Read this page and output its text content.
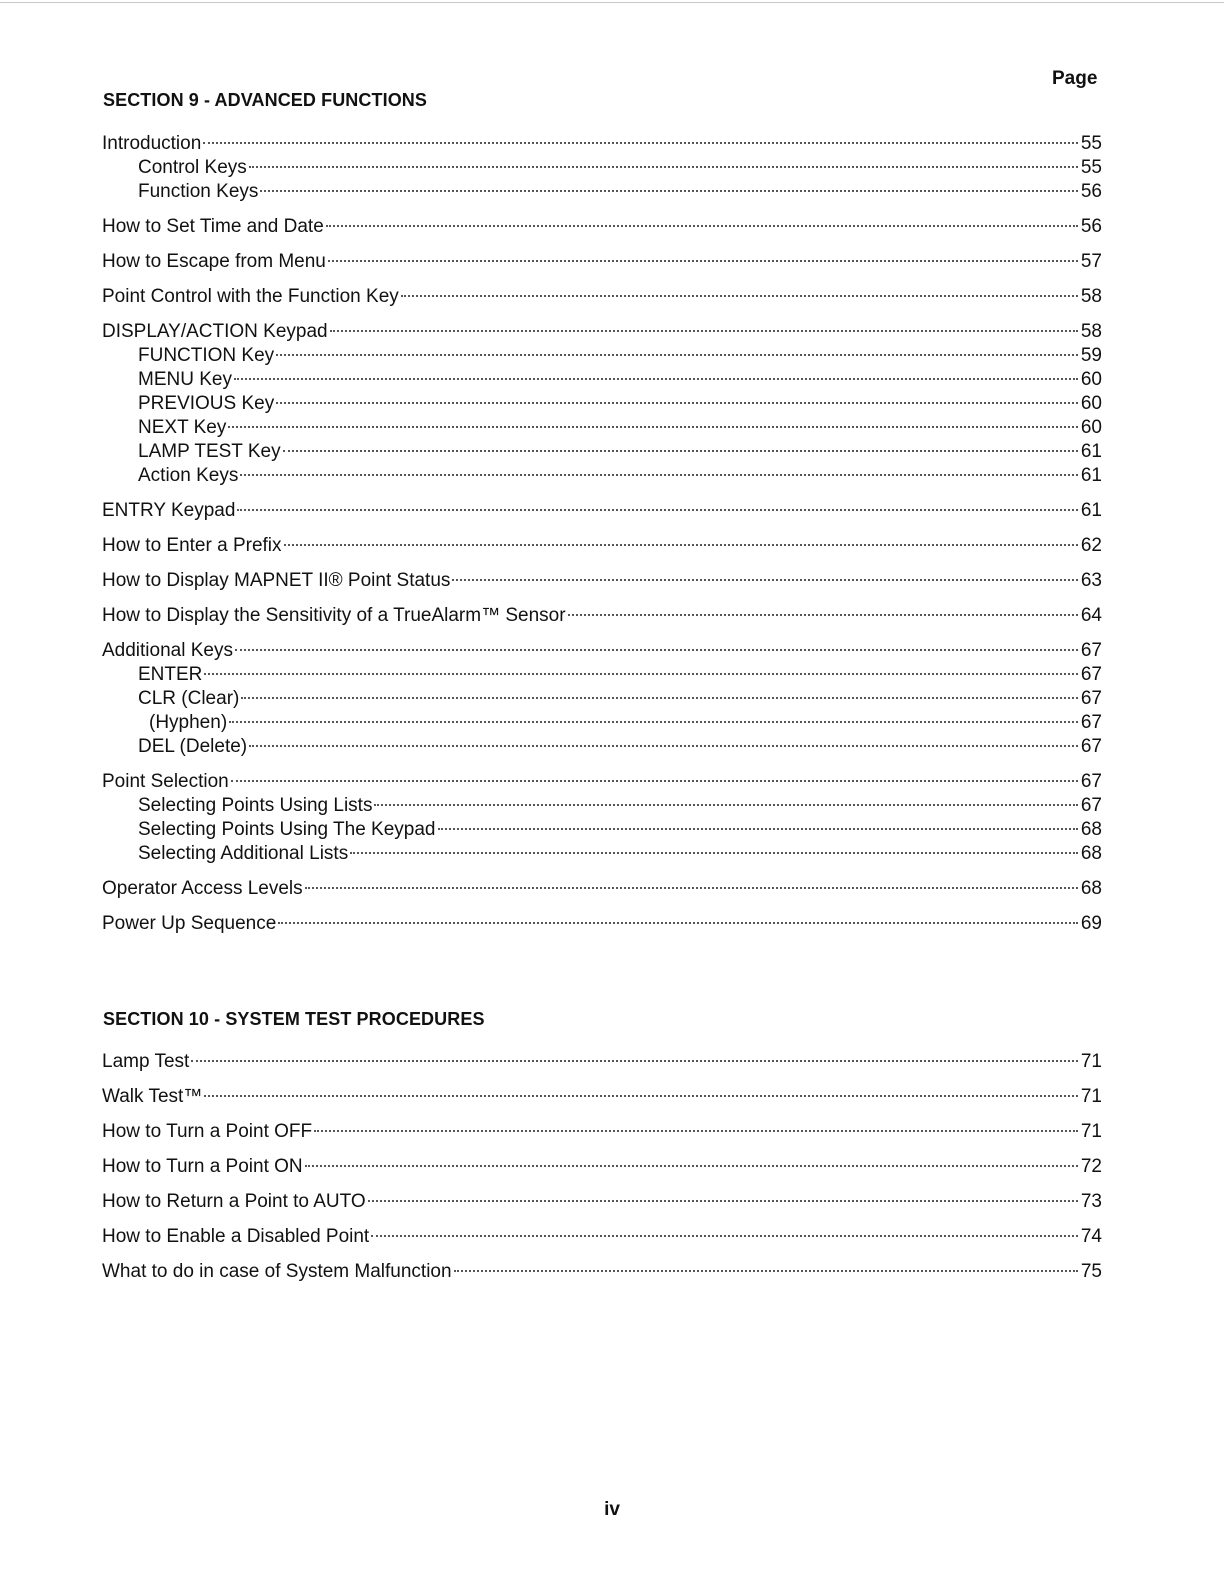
Page
SECTION 9 - ADVANCED FUNCTIONS
Introduction	55
Control Keys	55
Function Keys	56
How to Set Time and Date	56
How to Escape from Menu	57
Point Control with the Function Key	58
DISPLAY/ACTION Keypad	58
FUNCTION Key	59
MENU Key	60
PREVIOUS Key	60
NEXT Key	60
LAMP TEST Key	61
Action Keys	61
ENTRY Keypad	61
How to Enter a Prefix	62
How to Display MAPNET II® Point Status	63
How to Display the Sensitivity of a TrueAlarm™ Sensor	64
Additional Keys	67
ENTER	67
CLR (Clear)	67
(Hyphen)	67
DEL (Delete)	67
Point Selection	67
Selecting Points Using Lists	67
Selecting Points Using The Keypad	68
Selecting Additional Lists	68
Operator Access Levels	68
Power Up Sequence	69
SECTION 10 - SYSTEM TEST PROCEDURES
Lamp Test	71
Walk Test™	71
How to Turn a Point OFF	71
How to Turn a Point ON	72
How to Return a Point to AUTO	73
How to Enable a Disabled Point	74
What to do in case of System Malfunction	75
iv
